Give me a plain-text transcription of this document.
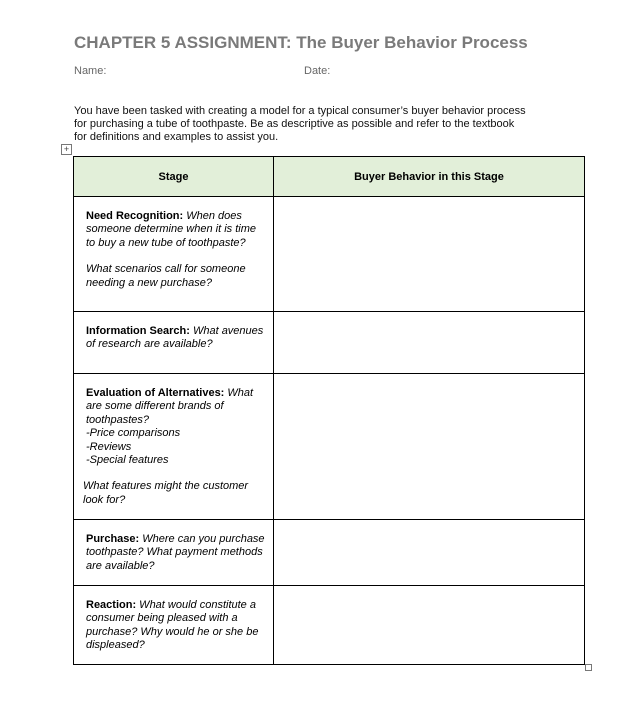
CHAPTER 5 ASSIGNMENT: The Buyer Behavior Process
Name:	Date:
You have been tasked with creating a model for a typical consumer’s buyer behavior process
for purchasing a tube of toothpaste. Be as descriptive as possible and refer to the textbook
for definitions and examples to assist you.
+
Stage	Buyer Behavior in this Stage

Need Recognition: When does someone determine when it is time to buy a new tube of toothpaste?
What scenarios call for someone needing a new purchase?	

Information Search: What avenues of research are available?	

Evaluation of Alternatives: What are some different brands of toothpastes?
-Price comparisons
-Reviews
-Special features
What features might the customer look for?	

Purchase: Where can you purchase toothpaste? What payment methods are available?	

Reaction: What would constitute a consumer being pleased with a purchase? Why would he or she be displeased?	
